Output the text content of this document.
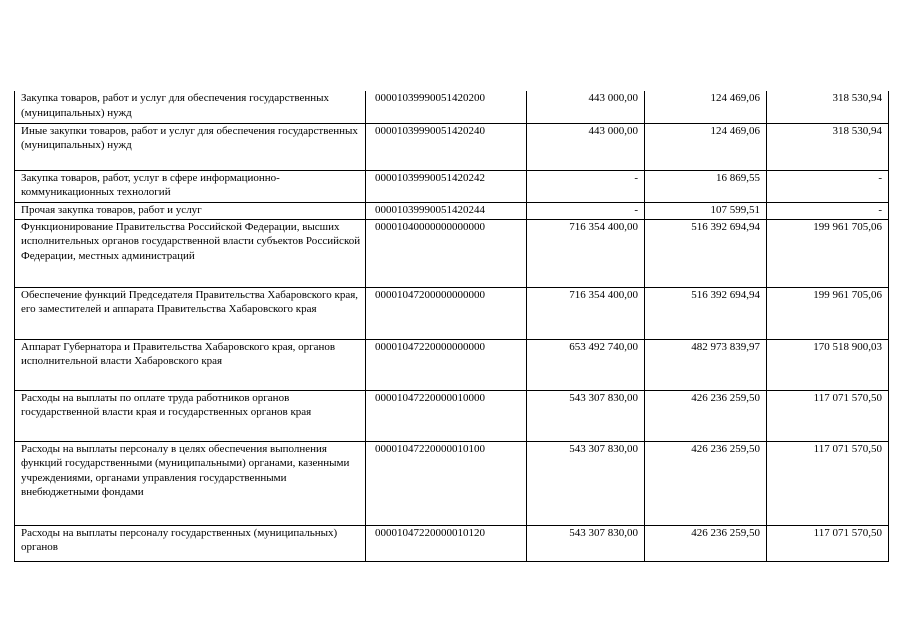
Закупка товаров, работ и услуг для обеспечения государственных (муниципальных) нужд	00001039990051420200	443 000,00	124 469,06	318 530,94

Иные закупки товаров, работ и услуг для обеспечения государственных (муниципальных) нужд	00001039990051420240	443 000,00	124 469,06	318 530,94

Закупка товаров, работ, услуг в сфере информационно-коммуникационных технологий	00001039990051420242	-	16 869,55	-

Прочая закупка товаров, работ и услуг	00001039990051420244	-	107 599,51	-

Функционирование Правительства Российской Федерации, высших исполнительных органов государственной власти субъектов Российской Федерации, местных администраций	00001040000000000000	716 354 400,00	516 392 694,94	199 961 705,06

Обеспечение функций Председателя Правительства Хабаровского края, его заместителей и аппарата Правительства Хабаровского края	00001047200000000000	716 354 400,00	516 392 694,94	199 961 705,06

Аппарат Губернатора и Правительства Хабаровского края, органов исполнительной власти Хабаровского края	00001047220000000000	653 492 740,00	482 973 839,97	170 518 900,03

Расходы на выплаты по оплате труда работников органов государственной власти края и государственных органов края	00001047220000010000	543 307 830,00	426 236 259,50	117 071 570,50

Расходы на выплаты персоналу в целях обеспечения выполнения функций государственными (муниципальными) органами, казенными учреждениями, органами управления государственными внебюджетными фондами	00001047220000010100	543 307 830,00	426 236 259,50	117 071 570,50

Расходы на выплаты персоналу государственных (муниципальных) органов	00001047220000010120	543 307 830,00	426 236 259,50	117 071 570,50
